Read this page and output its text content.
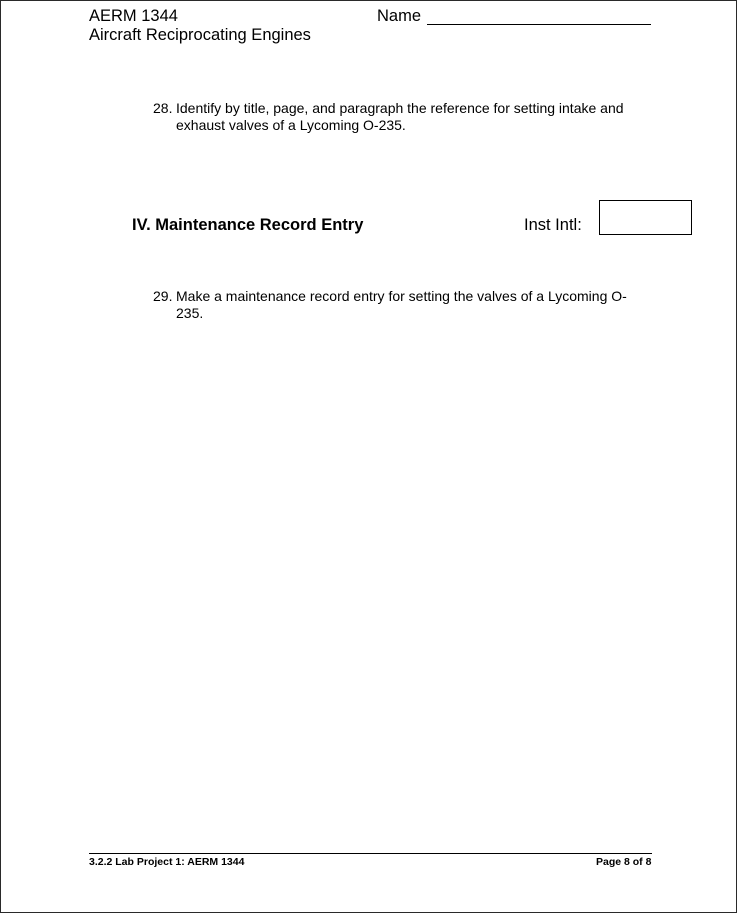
AERM 1344
Aircraft Reciprocating Engines
Name
28. Identify by title, page, and paragraph the reference for setting intake and exhaust valves of a Lycoming O-235.
IV. Maintenance Record Entry	Inst Intl:
29. Make a maintenance record entry for setting the valves of a Lycoming O-235.
3.2.2 Lab Project 1: AERM 1344	Page 8 of 8
